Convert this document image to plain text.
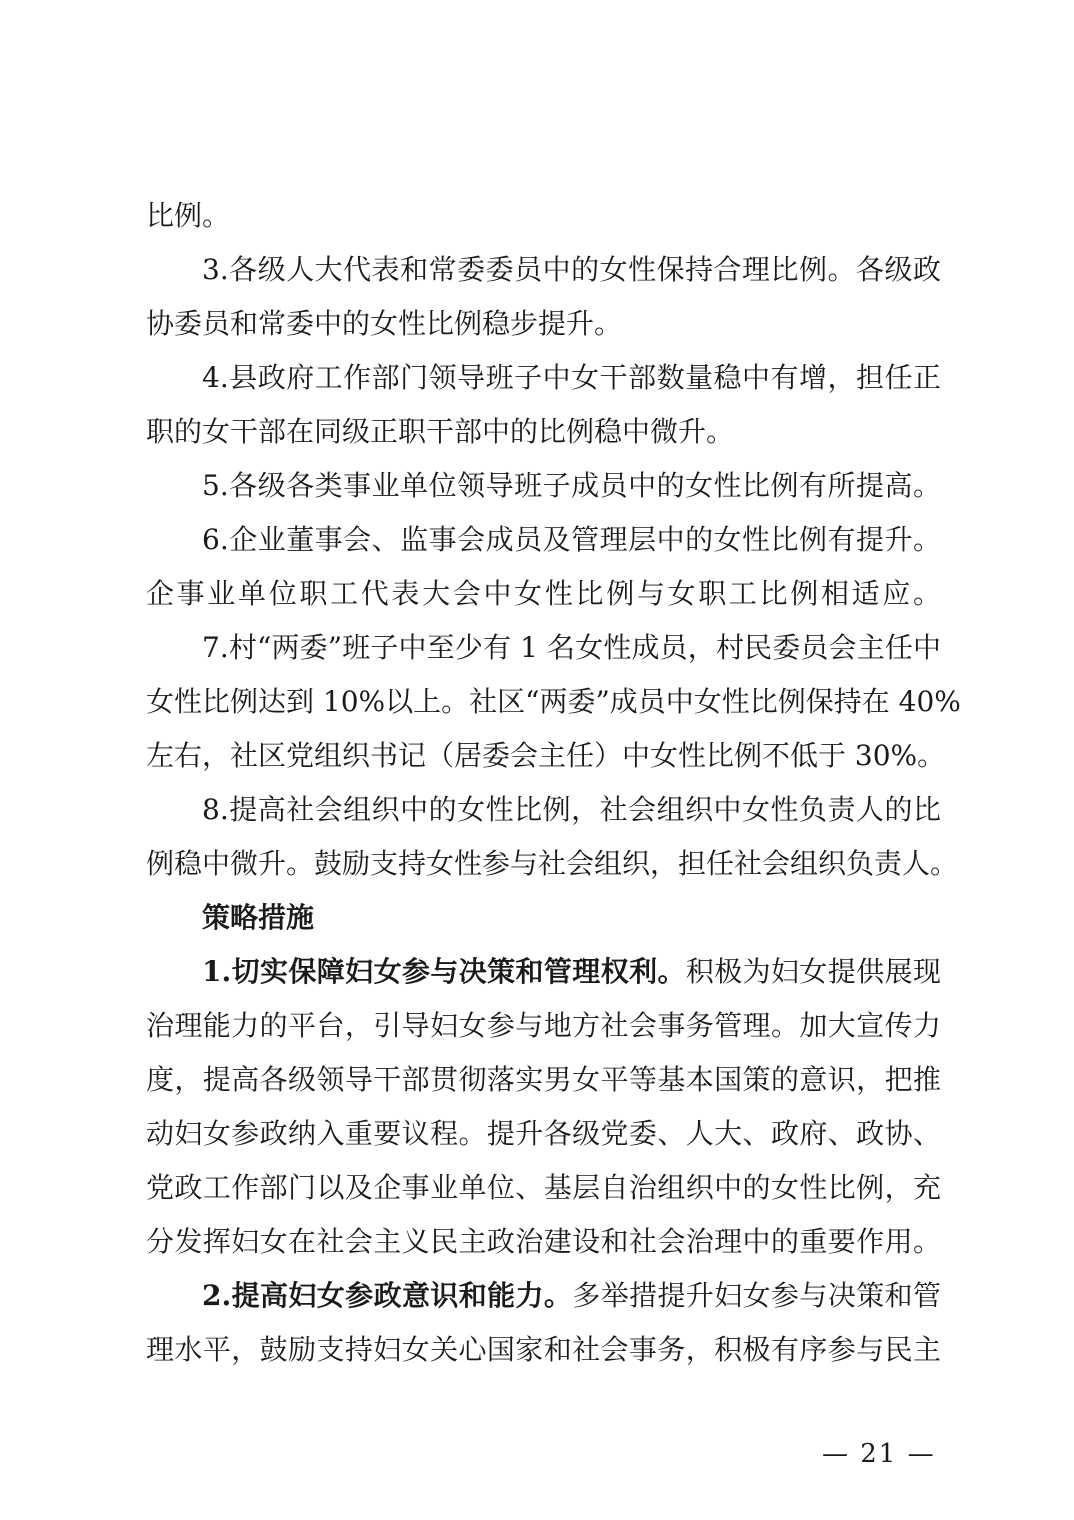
比例。
3.各级人大代表和常委委员中的女性保持合理比例。各级政
协委员和常委中的女性比例稳步提升。
4.县政府工作部门领导班子中女干部数量稳中有增，担任正
职的女干部在同级正职干部中的比例稳中微升。
5.各级各类事业单位领导班子成员中的女性比例有所提高。
6.企业董事会、监事会成员及管理层中的女性比例有提升。
企事业单位职工代表大会中女性比例与女职工比例相适应。
7.村“两委”班子中至少有 1 名女性成员，村民委员会主任中
女性比例达到 10%以上。社区“两委”成员中女性比例保持在 40%
左右，社区党组织书记（居委会主任）中女性比例不低于 30%。
8.提高社会组织中的女性比例，社会组织中女性负责人的比
例稳中微升。鼓励支持女性参与社会组织，担任社会组织负责人。
策略措施
1.切实保障妇女参与决策和管理权利。积极为妇女提供展现
治理能力的平台，引导妇女参与地方社会事务管理。加大宣传力
度，提高各级领导干部贯彻落实男女平等基本国策的意识，把推
动妇女参政纳入重要议程。提升各级党委、人大、政府、政协、
党政工作部门以及企事业单位、基层自治组织中的女性比例，充
分发挥妇女在社会主义民主政治建设和社会治理中的重要作用。
2.提高妇女参政意识和能力。多举措提升妇女参与决策和管
理水平，鼓励支持妇女关心国家和社会事务，积极有序参与民主
— 21 —
